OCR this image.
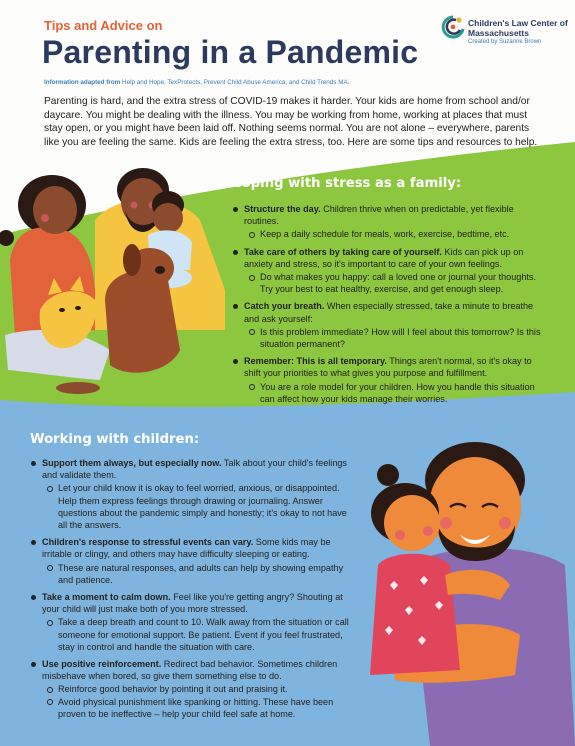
Tips and Advice on
Parenting in a Pandemic
Children's Law Center of Massachusetts
Created by Suzanne Brown
Information adapted from Help and Hope, TexProtects, Prevent Child Abuse America, and Child Trends MA.

Parenting is hard, and the extra stress of COVID-19 makes it harder. Your kids are home from school and/or daycare. You might be dealing with the illness. You may be working from home, working at places that must stay open, or you might have been laid off. Nothing seems normal. You are not alone – everywhere, parents like you are feeling the same. Kids are feeling the extra stress, too. Here are some tips and resources to help.

Coping with stress as a family:
Structure the day. Children thrive when on predictable, yet flexible routines.
Keep a daily schedule for meals, work, exercise, bedtime, etc.
Take care of others by taking care of yourself. Kids can pick up on anxiety and stress, so it's important to care of your own feelings.
Do what makes you happy: call a loved one or journal your thoughts. Try your best to eat healthy, exercise, and get enough sleep.
Catch your breath. When especially stressed, take a minute to breathe and ask yourself:
Is this problem immediate? How will I feel about this tomorrow? Is this situation permanent?
Remember: This is all temporary. Things aren't normal, so it's okay to shift your priorities to what gives you purpose and fulfillment.
You are a role model for your children. How you handle this situation can affect how your kids manage their worries.
Working with children:
Support them always, but especially now. Talk about your child's feelings and validate them.
Let your child know it is okay to feel worried, anxious, or disappointed. Help them express feelings through drawing or journaling. Answer questions about the pandemic simply and honestly; it's okay to not have all the answers.
Children's response to stressful events can vary. Some kids may be irritable or clingy, and others may have difficulty sleeping or eating.
These are natural responses, and adults can help by showing empathy and patience.
Take a moment to calm down. Feel like you're getting angry? Shouting at your child will just make both of you more stressed.
Take a deep breath and count to 10. Walk away from the situation or call someone for emotional support. Be patient. Event if you feel frustrated, stay in control and handle the situation with care.
Use positive reinforcement. Redirect bad behavior. Sometimes children misbehave when bored, so give them something else to do.
Reinforce good behavior by pointing it out and praising it.
Avoid physical punishment like spanking or hitting. These have been proven to be ineffective – help your child feel safe at home.
